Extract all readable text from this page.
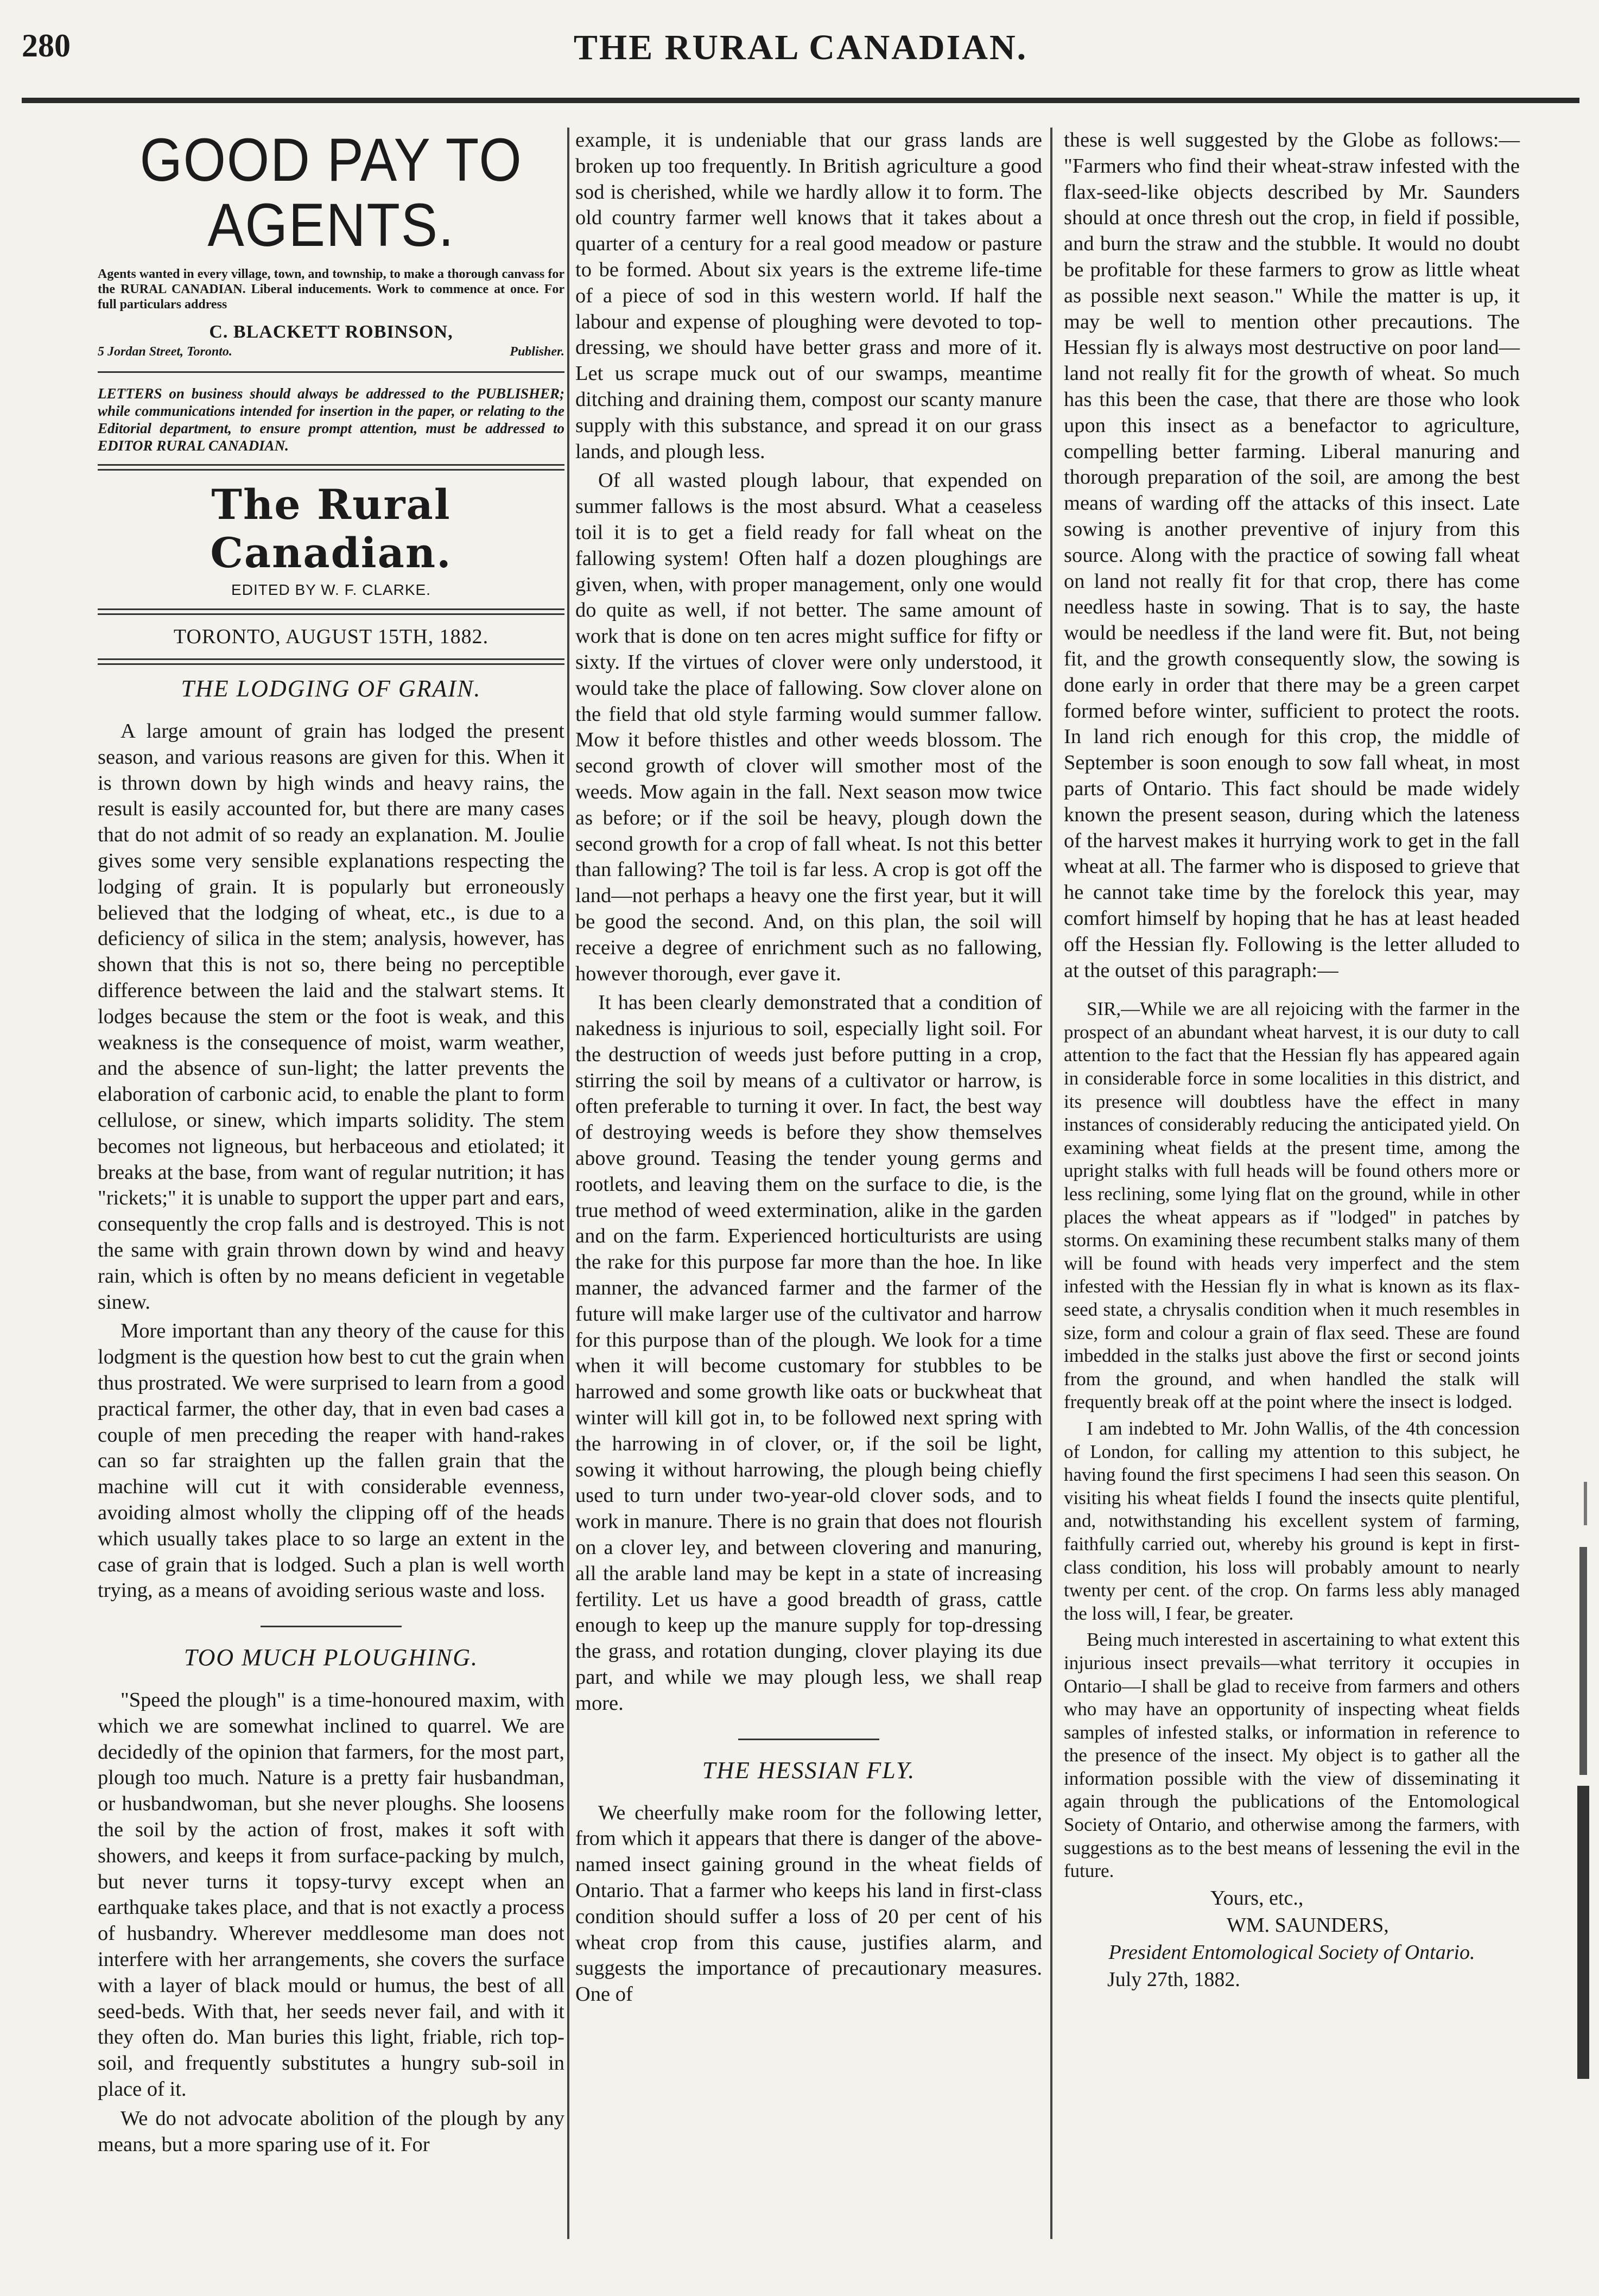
280	THE RURAL CANADIAN.
GOOD PAY TO AGENTS.

Agents wanted in every village, town, and township, to make a thorough canvass for the RURAL CANADIAN. Liberal inducements. Work to commence at once. For full particulars address

C. BLACKETT ROBINSON,
5 Jordan Street, Toronto.	Publisher.

LETTERS on business should always be addressed to the PUBLISHER; while communications intended for insertion in the paper, or relating to the Editorial department, to ensure prompt attention, must be addressed to EDITOR RURAL CANADIAN.

The Rural Canadian.
EDITED BY W. F. CLARKE.
TORONTO, AUGUST 15TH, 1882.
THE LODGING OF GRAIN.

A large amount of grain has lodged the present season, and various reasons are given for this. When it is thrown down by high winds and heavy rains, the result is easily accounted for, but there are many cases that do not admit of so ready an explanation. M. Joulie gives some very sensible explanations respecting the lodging of grain. It is popularly but erroneously believed that the lodging of wheat, etc., is due to a deficiency of silica in the stem; analysis, however, has shown that this is not so, there being no perceptible difference between the laid and the stalwart stems. It lodges because the stem or the foot is weak, and this weakness is the consequence of moist, warm weather, and the absence of sun-light; the latter prevents the elaboration of carbonic acid, to enable the plant to form cellulose, or sinew, which imparts solidity. The stem becomes not ligneous, but herbaceous and etiolated; it breaks at the base, from want of regular nutrition; it has "rickets;" it is unable to support the upper part and ears, consequently the crop falls and is destroyed. This is not the same with grain thrown down by wind and heavy rain, which is often by no means deficient in vegetable sinew.

More important than any theory of the cause for this lodgment is the question how best to cut the grain when thus prostrated. We were surprised to learn from a good practical farmer, the other day, that in even bad cases a couple of men preceding the reaper with hand-rakes can so far straighten up the fallen grain that the machine will cut it with considerable evenness, avoiding almost wholly the clipping off of the heads which usually takes place to so large an extent in the case of grain that is lodged. Such a plan is well worth trying, as a means of avoiding serious waste and loss.

TOO MUCH PLOUGHING.

"Speed the plough" is a time-honoured maxim, with which we are somewhat inclined to quarrel. We are decidedly of the opinion that farmers, for the most part, plough too much. Nature is a pretty fair husbandman, or husbandwoman, but she never ploughs. She loosens the soil by the action of frost, makes it soft with showers, and keeps it from surface-packing by mulch, but never turns it topsy-turvy except when an earthquake takes place, and that is not exactly a process of husbandry. Wherever meddlesome man does not interfere with her arrangements, she covers the surface with a layer of black mould or humus, the best of all seed-beds. With that, her seeds never fail, and with it they often do. Man buries this light, friable, rich top-soil, and frequently substitutes a hungry sub-soil in place of it.

We do not advocate abolition of the plough by any means, but a more sparing use of it. For

example, it is undeniable that our grass lands are broken up too frequently. In British agriculture a good sod is cherished, while we hardly allow it to form. The old country farmer well knows that it takes about a quarter of a century for a real good meadow or pasture to be formed. About six years is the extreme life-time of a piece of sod in this western world. If half the labour and expense of ploughing were devoted to top-dressing, we should have better grass and more of it. Let us scrape muck out of our swamps, meantime ditching and draining them, compost our scanty manure supply with this substance, and spread it on our grass lands, and plough less.

Of all wasted plough labour, that expended on summer fallows is the most absurd. What a ceaseless toil it is to get a field ready for fall wheat on the fallowing system! Often half a dozen ploughings are given, when, with proper management, only one would do quite as well, if not better. The same amount of work that is done on ten acres might suffice for fifty or sixty. If the virtues of clover were only understood, it would take the place of fallowing. Sow clover alone on the field that old style farming would summer fallow. Mow it before thistles and other weeds blossom. The second growth of clover will smother most of the weeds. Mow again in the fall. Next season mow twice as before; or if the soil be heavy, plough down the second growth for a crop of fall wheat. Is not this better than fallowing? The toil is far less. A crop is got off the land—not perhaps a heavy one the first year, but it will be good the second. And, on this plan, the soil will receive a degree of enrichment such as no fallowing, however thorough, ever gave it.

It has been clearly demonstrated that a condition of nakedness is injurious to soil, especially light soil. For the destruction of weeds just before putting in a crop, stirring the soil by means of a cultivator or harrow, is often preferable to turning it over. In fact, the best way of destroying weeds is before they show themselves above ground. Teasing the tender young germs and rootlets, and leaving them on the surface to die, is the true method of weed extermination, alike in the garden and on the farm. Experienced horticulturists are using the rake for this purpose far more than the hoe. In like manner, the advanced farmer and the farmer of the future will make larger use of the cultivator and harrow for this purpose than of the plough. We look for a time when it will become customary for stubbles to be harrowed and some growth like oats or buckwheat that winter will kill got in, to be followed next spring with the harrowing in of clover, or, if the soil be light, sowing it without harrowing, the plough being chiefly used to turn under two-year-old clover sods, and to work in manure. There is no grain that does not flourish on a clover ley, and between clovering and manuring, all the arable land may be kept in a state of increasing fertility. Let us have a good breadth of grass, cattle enough to keep up the manure supply for top-dressing the grass, and rotation dunging, clover playing its due part, and while we may plough less, we shall reap more.

THE HESSIAN FLY.

We cheerfully make room for the following letter, from which it appears that there is danger of the above-named insect gaining ground in the wheat fields of Ontario. That a farmer who keeps his land in first-class condition should suffer a loss of 20 per cent of his wheat crop from this cause, justifies alarm, and suggests the importance of precautionary measures. One of

these is well suggested by the Globe as follows:— "Farmers who find their wheat-straw infested with the flax-seed-like objects described by Mr. Saunders should at once thresh out the crop, in field if possible, and burn the straw and the stubble. It would no doubt be profitable for these farmers to grow as little wheat as possible next season." While the matter is up, it may be well to mention other precautions. The Hessian fly is always most destructive on poor land—land not really fit for the growth of wheat. So much has this been the case, that there are those who look upon this insect as a benefactor to agriculture, compelling better farming. Liberal manuring and thorough preparation of the soil, are among the best means of warding off the attacks of this insect. Late sowing is another preventive of injury from this source. Along with the practice of sowing fall wheat on land not really fit for that crop, there has come needless haste in sowing. That is to say, the haste would be needless if the land were fit. But, not being fit, and the growth consequently slow, the sowing is done early in order that there may be a green carpet formed before winter, sufficient to protect the roots. In land rich enough for this crop, the middle of September is soon enough to sow fall wheat, in most parts of Ontario. This fact should be made widely known the present season, during which the lateness of the harvest makes it hurrying work to get in the fall wheat at all. The farmer who is disposed to grieve that he cannot take time by the forelock this year, may comfort himself by hoping that he has at least headed off the Hessian fly. Following is the letter alluded to at the outset of this paragraph:—

SIR,—While we are all rejoicing with the farmer in the prospect of an abundant wheat harvest, it is our duty to call attention to the fact that the Hessian fly has appeared again in considerable force in some localities in this district, and its presence will doubtless have the effect in many instances of considerably reducing the anticipated yield. On examining wheat fields at the present time, among the upright stalks with full heads will be found others more or less reclining, some lying flat on the ground, while in other places the wheat appears as if "lodged" in patches by storms. On examining these recumbent stalks many of them will be found with heads very imperfect and the stem infested with the Hessian fly in what is known as its flax-seed state, a chrysalis condition when it much resembles in size, form and colour a grain of flax seed. These are found imbedded in the stalks just above the first or second joints from the ground, and when handled the stalk will frequently break off at the point where the insect is lodged.

I am indebted to Mr. John Wallis, of the 4th concession of London, for calling my attention to this subject, he having found the first specimens I had seen this season. On visiting his wheat fields I found the insects quite plentiful, and, notwithstanding his excellent system of farming, faithfully carried out, whereby his ground is kept in first-class condition, his loss will probably amount to nearly twenty per cent. of the crop. On farms less ably managed the loss will, I fear, be greater.

Being much interested in ascertaining to what extent this injurious insect prevails—what territory it occupies in Ontario—I shall be glad to receive from farmers and others who may have an opportunity of inspecting wheat fields samples of infested stalks, or information in reference to the presence of the insect. My object is to gather all the information possible with the view of disseminating it again through the publications of the Entomological Society of Ontario, and otherwise among the farmers, with suggestions as to the best means of lessening the evil in the future.

Yours, etc.,
WM. SAUNDERS,
President Entomological Society of Ontario.
July 27th, 1882.
